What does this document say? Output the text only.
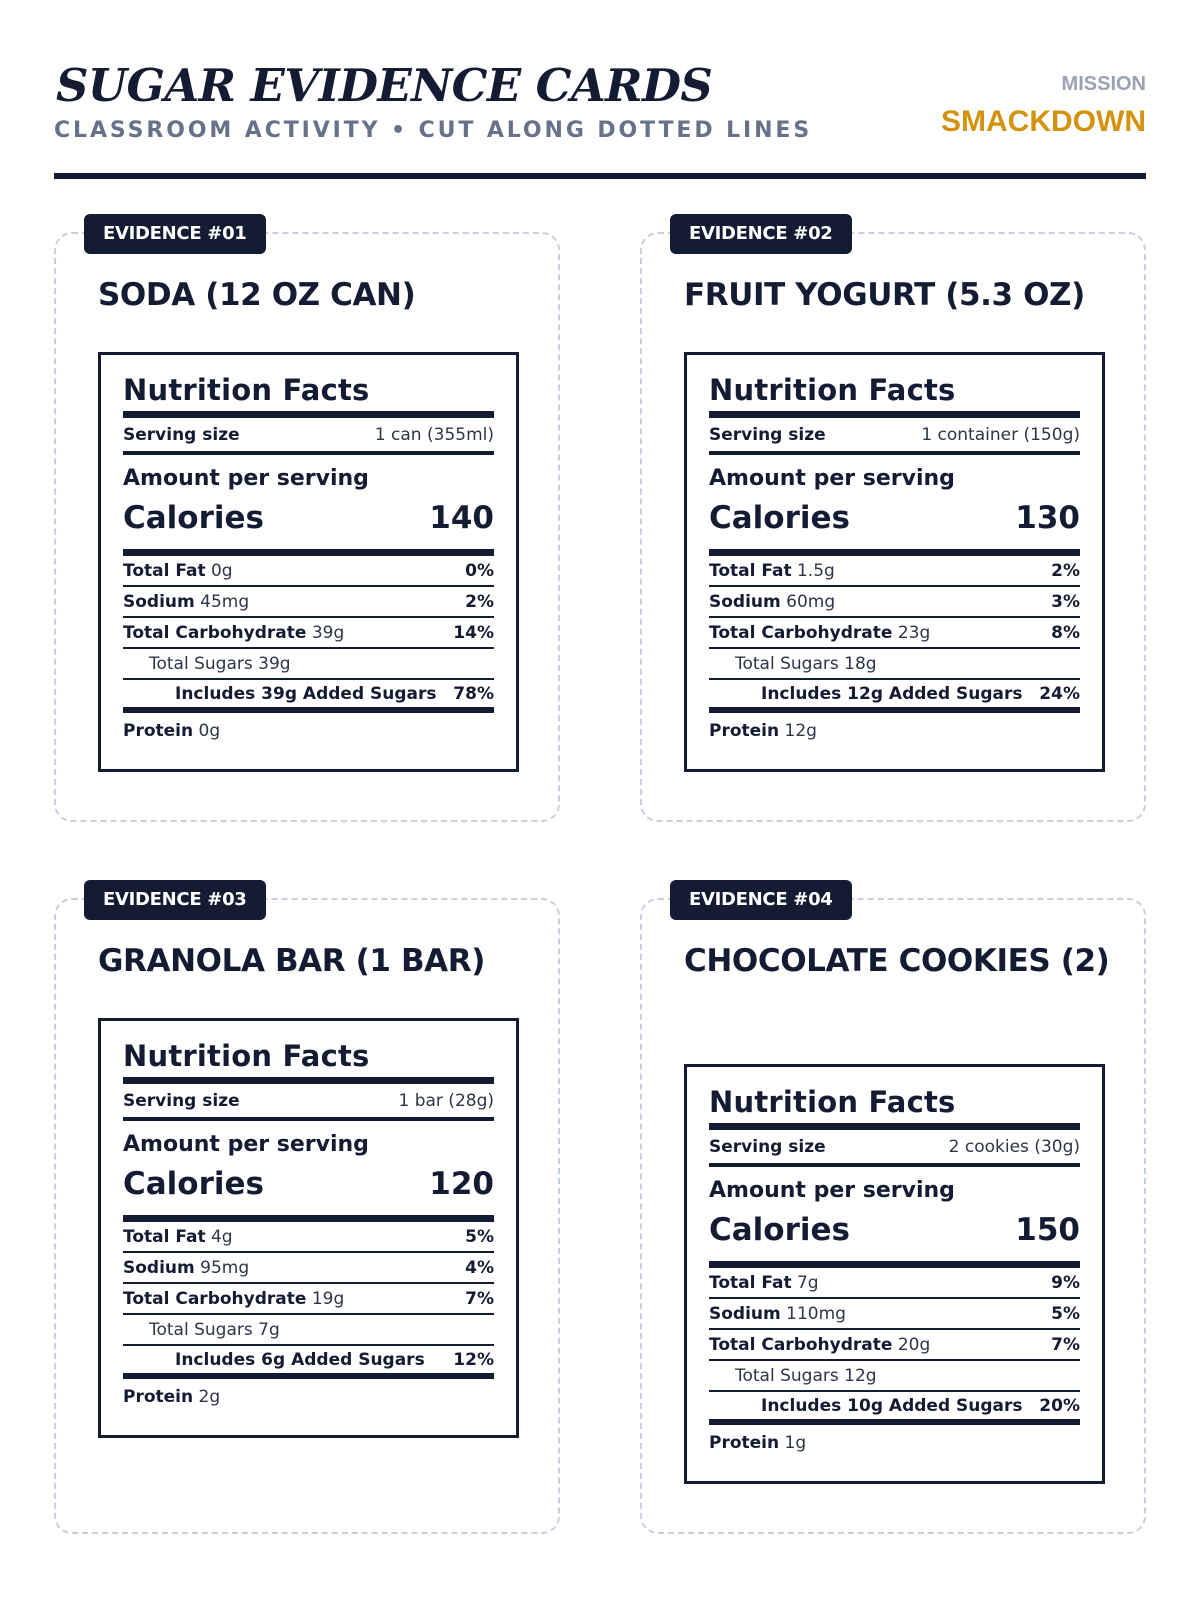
SUGAR EVIDENCE CARDS
CLASSROOM ACTIVITY • CUT ALONG DOTTED LINES
MISSION
SMACKDOWN
EVIDENCE #01
SODA (12 OZ CAN)
Nutrition Facts
Serving size	1 can (355ml)
Amount per serving
Calories	140
Total Fat 0g	0%
Sodium 45mg	2%
Total Carbohydrate 39g	14%
Total Sugars 39g
Includes 39g Added Sugars 78%
Protein 0g
EVIDENCE #02
FRUIT YOGURT (5.3 OZ)
Nutrition Facts
Serving size	1 container (150g)
Amount per serving
Calories	130
Total Fat 1.5g	2%
Sodium 60mg	3%
Total Carbohydrate 23g	8%
Total Sugars 18g
Includes 12g Added Sugars 24%
Protein 12g
EVIDENCE #03
GRANOLA BAR (1 BAR)
Nutrition Facts
Serving size	1 bar (28g)
Amount per serving
Calories	120
Total Fat 4g	5%
Sodium 95mg	4%
Total Carbohydrate 19g	7%
Total Sugars 7g
Includes 6g Added Sugars 12%
Protein 2g
EVIDENCE #04
CHOCOLATE COOKIES (2)
Nutrition Facts
Serving size	2 cookies (30g)
Amount per serving
Calories	150
Total Fat 7g	9%
Sodium 110mg	5%
Total Carbohydrate 20g	7%
Total Sugars 12g
Includes 10g Added Sugars 20%
Protein 1g
